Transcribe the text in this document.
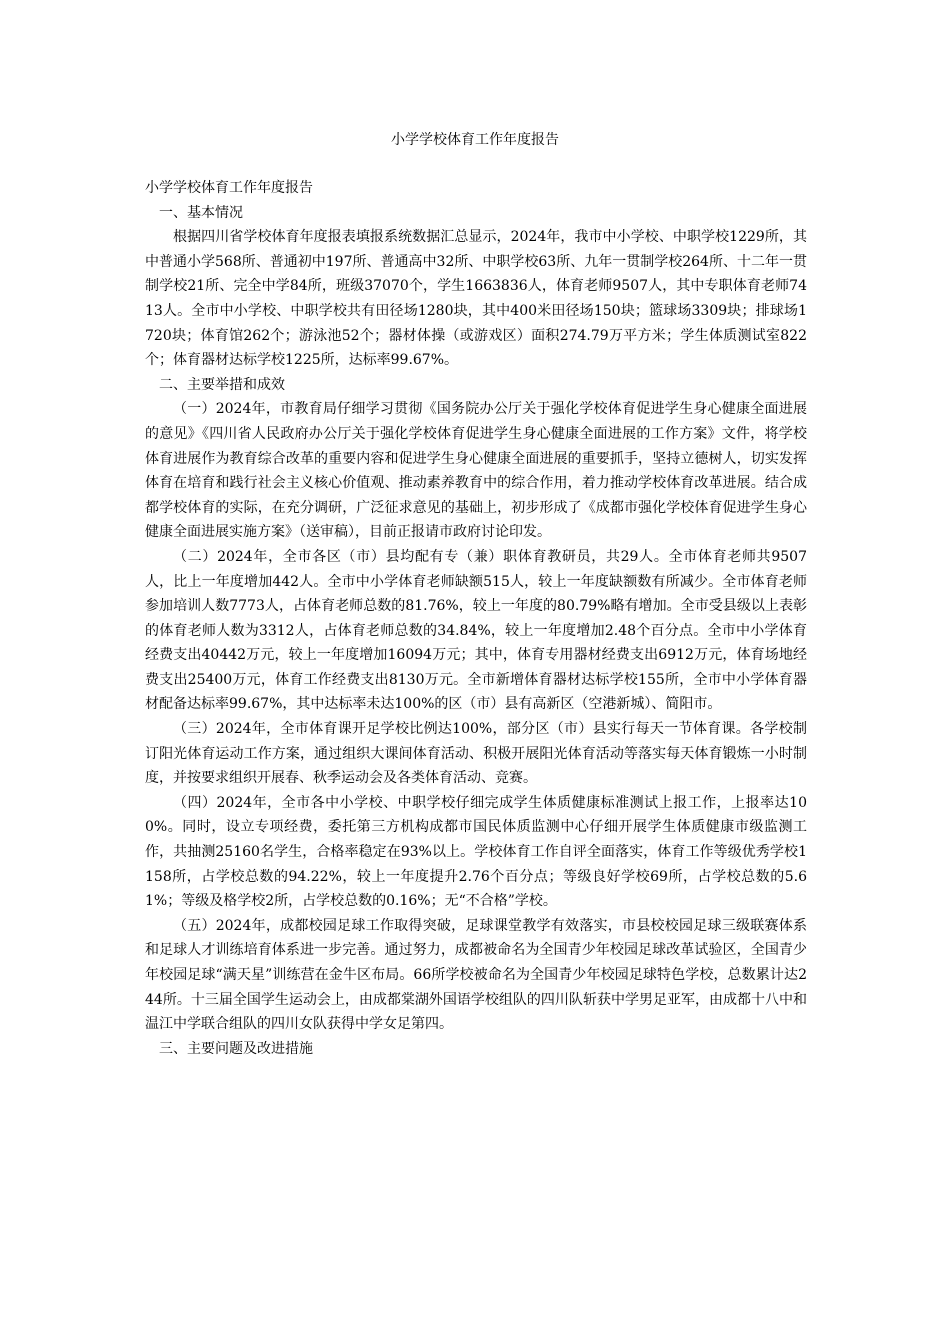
小学学校体育工作年度报告

小学学校体育工作年度报告

一、基本情况

根据四川省学校体育年度报表填报系统数据汇总显示，2024年，我市中小学校、中职学校1229所，其中普通小学568所、普通初中197所、普通高中32所、中职学校63所、九年一贯制学校264所、十二年一贯制学校21所、完全中学84所，班级37070个，学生1663836人，体育老师9507人，其中专职体育老师7413人。全市中小学校、中职学校共有田径场1280块，其中400米田径场150块；篮球场3309块；排球场1720块；体育馆262个；游泳池52个；器材体操（或游戏区）面积274.79万平方米；学生体质测试室822个；体育器材达标学校1225所，达标率99.67%。

二、主要举措和成效

（一）2024年，市教育局仔细学习贯彻《国务院办公厅关于强化学校体育促进学生身心健康全面进展的意见》《四川省人民政府办公厅关于强化学校体育促进学生身心健康全面进展的工作方案》文件，将学校体育进展作为教育综合改革的重要内容和促进学生身心健康全面进展的重要抓手，坚持立德树人，切实发挥体育在培育和践行社会主义核心价值观、推动素养教育中的综合作用，着力推动学校体育改革进展。结合成都学校体育的实际，在充分调研，广泛征求意见的基础上，初步形成了《成都市强化学校体育促进学生身心健康全面进展实施方案》（送审稿），目前正报请市政府讨论印发。

（二）2024年，全市各区（市）县均配有专（兼）职体育教研员，共29人。全市体育老师共9507人，比上一年度增加442人。全市中小学体育老师缺额515人，较上一年度缺额数有所减少。全市体育老师参加培训人数7773人，占体育老师总数的81.76%，较上一年度的80.79%略有增加。全市受县级以上表彰的体育老师人数为3312人，占体育老师总数的34.84%，较上一年度增加2.48个百分点。全市中小学体育经费支出40442万元，较上一年度增加16094万元；其中，体育专用器材经费支出6912万元，体育场地经费支出25400万元，体育工作经费支出8130万元。全市新增体育器材达标学校155所，全市中小学体育器材配备达标率99.67%，其中达标率未达100%的区（市）县有高新区（空港新城）、简阳市。

（三）2024年，全市体育课开足学校比例达100%，部分区（市）县实行每天一节体育课。各学校制订阳光体育运动工作方案，通过组织大课间体育活动、积极开展阳光体育活动等落实每天体育锻炼一小时制度，并按要求组织开展春、秋季运动会及各类体育活动、竞赛。

（四）2024年，全市各中小学校、中职学校仔细完成学生体质健康标准测试上报工作，上报率达100%。同时，设立专项经费，委托第三方机构成都市国民体质监测中心仔细开展学生体质健康市级监测工作，共抽测25160名学生，合格率稳定在93%以上。学校体育工作自评全面落实，体育工作等级优秀学校1158所，占学校总数的94.22%，较上一年度提升2.76个百分点；等级良好学校69所，占学校总数的5.61%；等级及格学校2所，占学校总数的0.16%；无“不合格”学校。

（五）2024年，成都校园足球工作取得突破，足球课堂教学有效落实，市县校校园足球三级联赛体系和足球人才训练培育体系进一步完善。通过努力，成都被命名为全国青少年校园足球改革试验区，全国青少年校园足球“满天星”训练营在金牛区布局。66所学校被命名为全国青少年校园足球特色学校，总数累计达244所。十三届全国学生运动会上，由成都棠湖外国语学校组队的四川队斩获中学男足亚军，由成都十八中和温江中学联合组队的四川女队获得中学女足第四。

三、主要问题及改进措施
